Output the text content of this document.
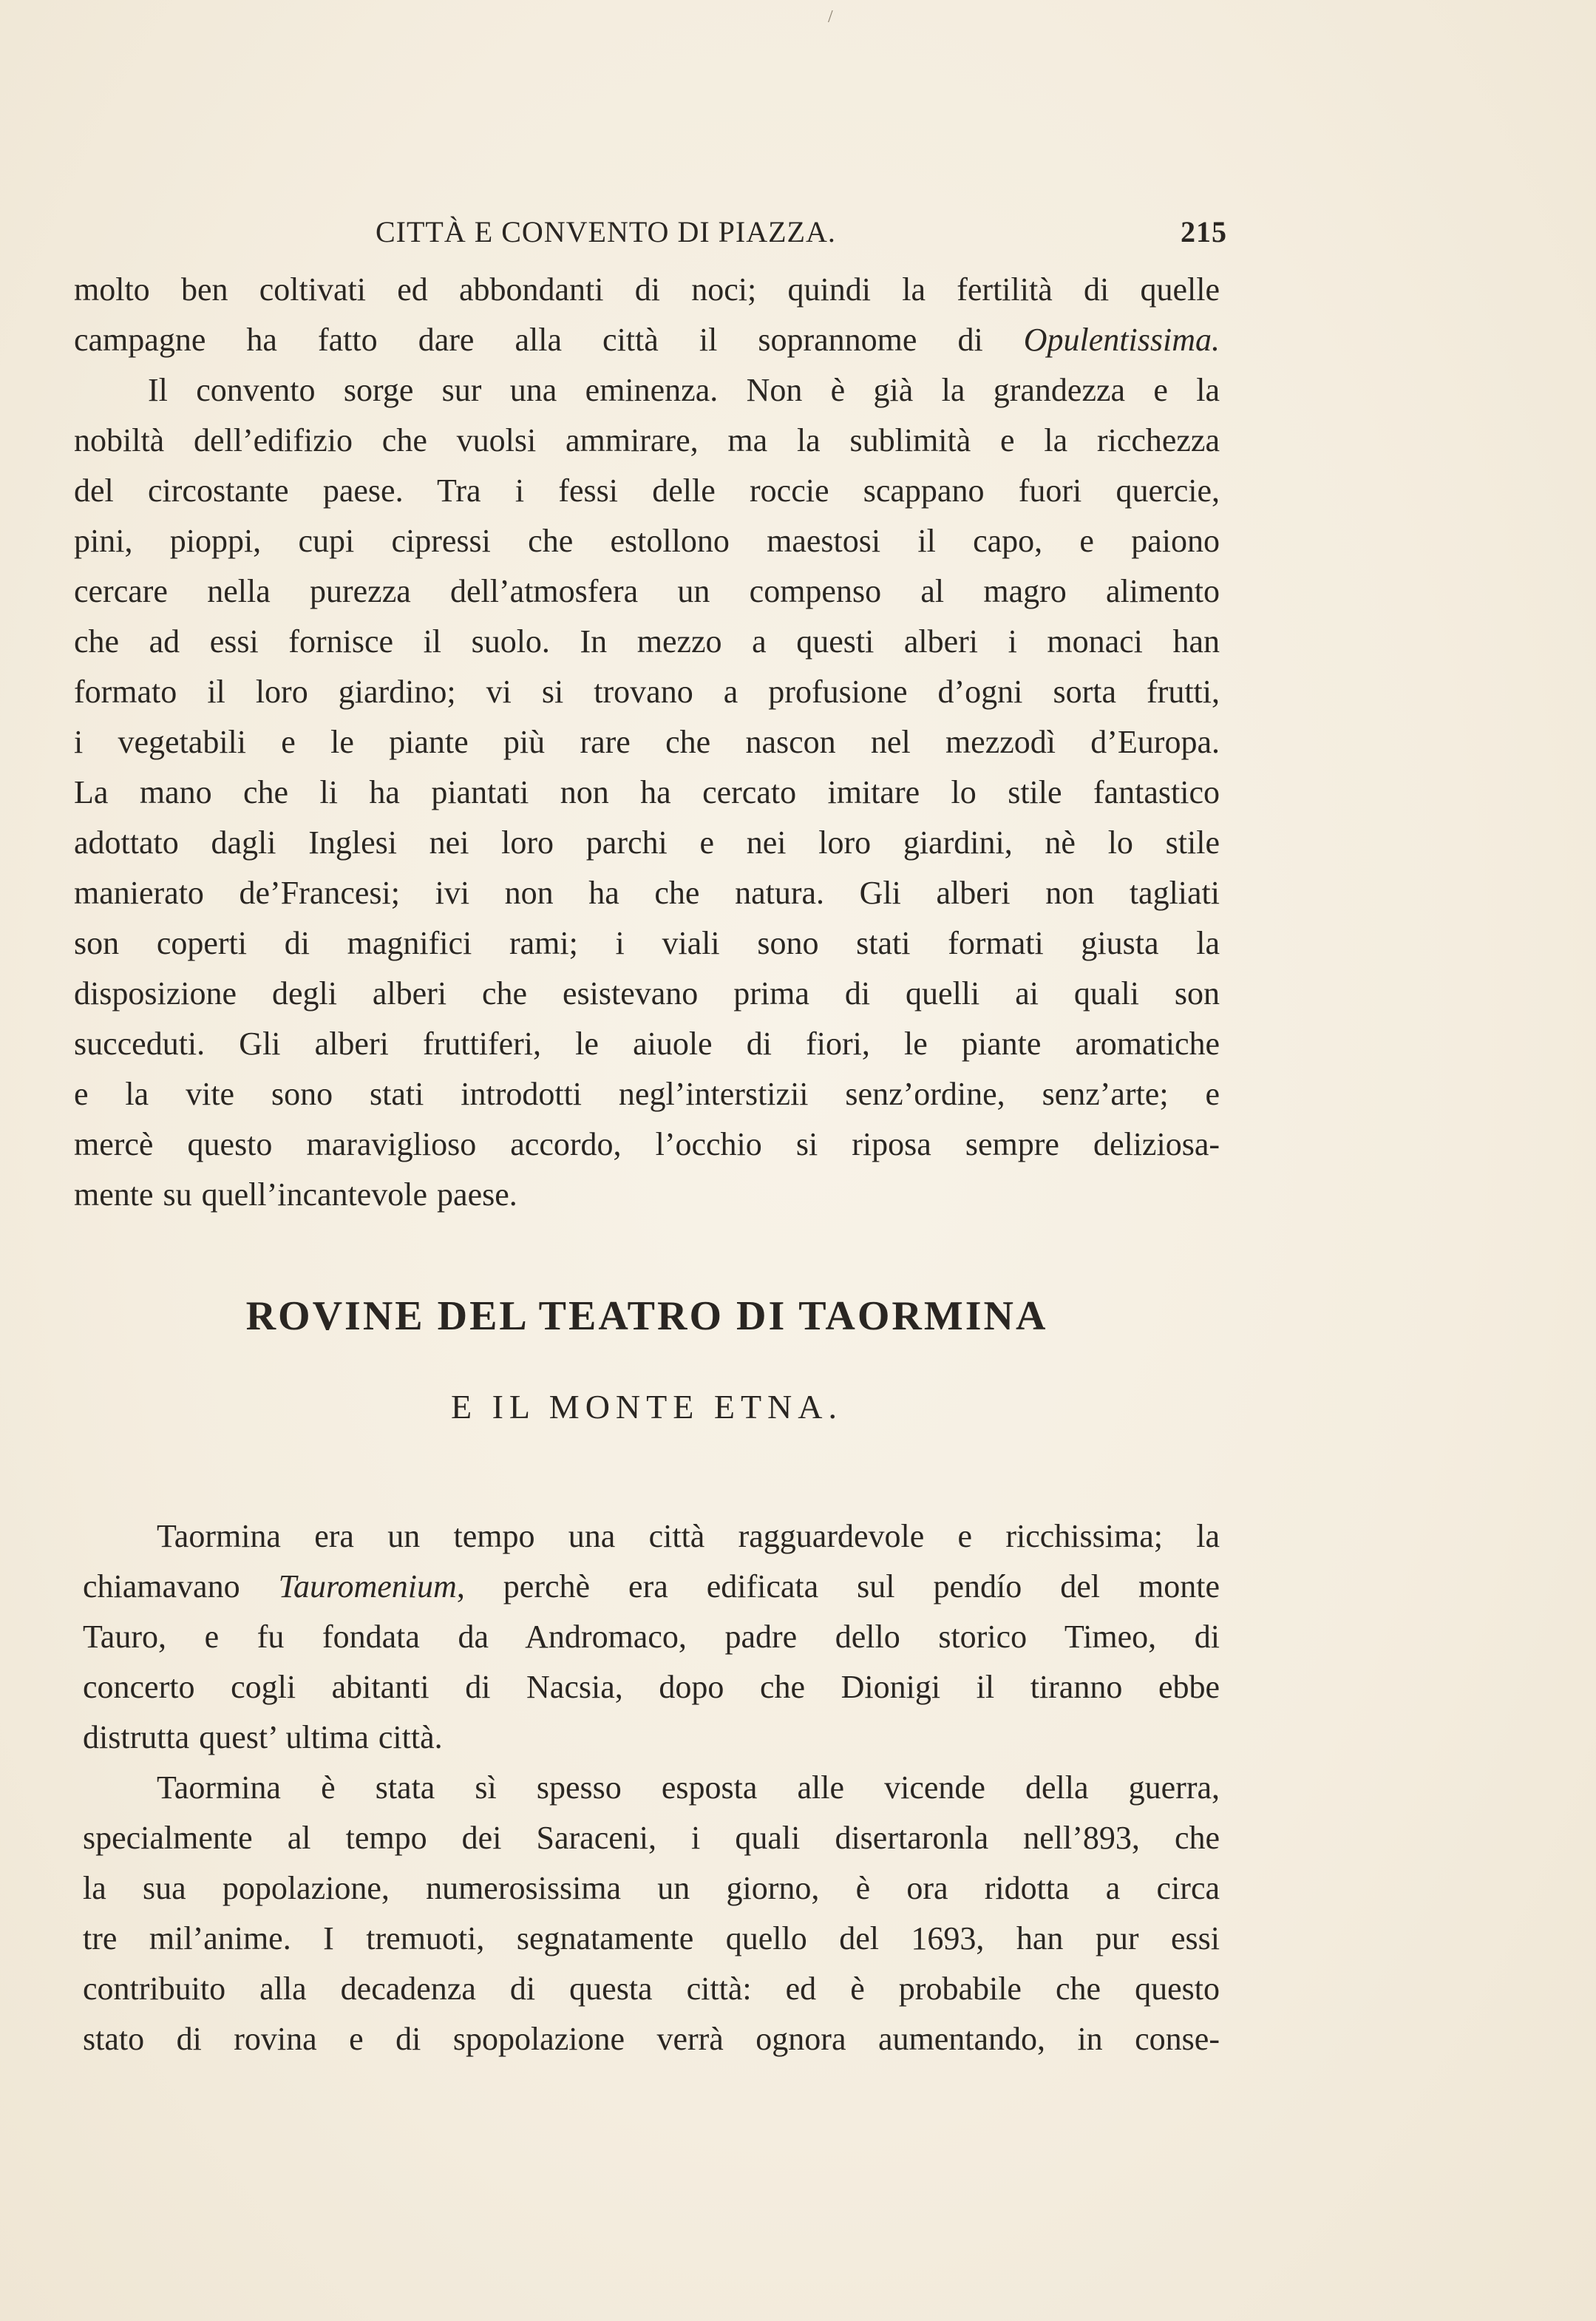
/
CITTÀ E CONVENTO DI PIAZZA.	215
molto ben coltivati ed abbondanti di noci; quindi la fertilità di quelle
campagne ha fatto dare alla città il soprannome di Opulentissima.
Il convento sorge sur una eminenza. Non è già la grandezza e la
nobiltà dell’edifizio che vuolsi ammirare, ma la sublimità e la ricchezza
del circostante paese. Tra i fessi delle roccie scappano fuori quercie,
pini, pioppi, cupi cipressi che estollono maestosi il capo, e paiono
cercare nella purezza dell’atmosfera un compenso al magro alimento
che ad essi fornisce il suolo. In mezzo a questi alberi i monaci han
formato il loro giardino; vi si trovano a profusione d’ogni sorta frutti,
i vegetabili e le piante più rare che nascon nel mezzodì d’Europa.
La mano che li ha piantati non ha cercato imitare lo stile fantastico
adottato dagli Inglesi nei loro parchi e nei loro giardini, nè lo stile
manierato de’Francesi; ivi non ha che natura. Gli alberi non tagliati
son coperti di magnifici rami; i viali sono stati formati giusta la
disposizione degli alberi che esistevano prima di quelli ai quali son
succeduti. Gli alberi fruttiferi, le aiuole di fiori, le piante aromatiche
e la vite sono stati introdotti negl’interstizii senz’ordine, senz’arte; e
mercè questo maraviglioso accordo, l’occhio si riposa sempre deliziosa-
mente su quell’incantevole paese.
ROVINE DEL TEATRO DI TAORMINA
E IL MONTE ETNA.
Taormina era un tempo una città ragguardevole e ricchissima; la
chiamavano Tauromenium, perchè era edificata sul pendío del monte
Tauro, e fu fondata da Andromaco, padre dello storico Timeo, di
concerto cogli abitanti di Nacsia, dopo che Dionigi il tiranno ebbe
distrutta quest’ ultima città.
Taormina è stata sì spesso esposta alle vicende della guerra,
specialmente al tempo dei Saraceni, i quali disertaronla nell’893, che
la sua popolazione, numerosissima un giorno, è ora ridotta a circa
tre mil’anime. I tremuoti, segnatamente quello del 1693, han pur essi
contribuito alla decadenza di questa città: ed è probabile che questo
stato di rovina e di spopolazione verrà ognora aumentando, in conse-
